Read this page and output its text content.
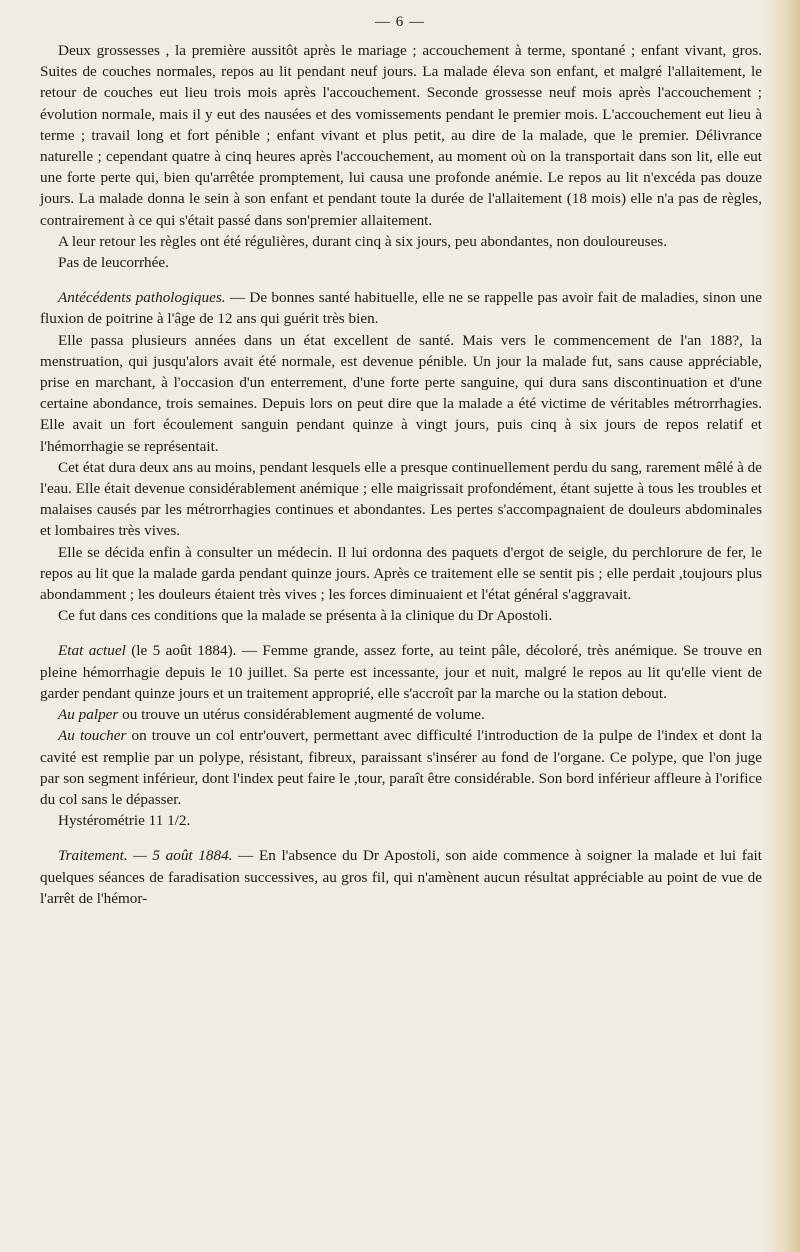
— 6 —

Deux grossesses , la première aussitôt après le mariage ; accouchement à terme, spontané ; enfant vivant, gros. Suites de couches normales, repos au lit pendant neuf jours. La malade éleva son enfant, et malgré l'allaitement, le retour de couches eut lieu trois mois après l'accouchement. Seconde grossesse neuf mois après l'accouchement ; évolution normale, mais il y eut des nausées et des vomissements pendant le premier mois. L'accouchement eut lieu à terme ; travail long et fort pénible ; enfant vivant et plus petit, au dire de la malade, que le premier. Délivrance naturelle ; cependant quatre à cinq heures après l'accouchement, au moment où on la transportait dans son lit, elle eut une forte perte qui, bien qu'arrêtée promptement, lui causa une profonde anémie. Le repos au lit n'excéda pas douze jours. La malade donna le sein à son enfant et pendant toute la durée de l'allaitement (18 mois) elle n'a pas de règles, contrairement à ce qui s'était passé dans son'premier allaitement.

A leur retour les règles ont été régulières, durant cinq à six jours, peu abondantes, non douloureuses.

Pas de leucorrhée.

Antécédents pathologiques. — De bonnes santé habituelle, elle ne se rappelle pas avoir fait de maladies, sinon une fluxion de poitrine à l'âge de 12 ans qui guérit très bien.

Elle passa plusieurs années dans un état excellent de santé. Mais vers le commencement de l'an 188?, la menstruation, qui jusqu'alors avait été normale, est devenue pénible. Un jour la malade fut, sans cause appréciable, prise en marchant, à l'occasion d'un enterrement, d'une forte perte sanguine, qui dura sans discontinuation et d'une certaine abondance, trois semaines. Depuis lors on peut dire que la malade a été victime de véritables métrorrhagies. Elle avait un fort écoulement sanguin pendant quinze à vingt jours, puis cinq à six jours de repos relatif et l'hémorrhagie se représentait.

Cet état dura deux ans au moins, pendant lesquels elle a presque continuellement perdu du sang, rarement mêlé à de l'eau. Elle était devenue considérablement anémique ; elle maigrissait profondément, étant sujette à tous les troubles et malaises causés par les métrorrhagies continues et abondantes. Les pertes s'accompagnaient de douleurs abdominales et lombaires très vives.

Elle se décida enfin à consulter un médecin. Il lui ordonna des paquets d'ergot de seigle, du perchlorure de fer, le repos au lit que la malade garda pendant quinze jours. Après ce traitement elle se sentit pis ; elle perdait ,toujours plus abondamment ; les douleurs étaient très vives ; les forces diminuaient et l'état général s'aggravait.

Ce fut dans ces conditions que la malade se présenta à la clinique du Dr Apostoli.

Etat actuel (le 5 août 1884). — Femme grande, assez forte, au teint pâle, décoloré, très anémique. Se trouve en pleine hémorrhagie depuis le 10 juillet. Sa perte est incessante, jour et nuit, malgré le repos au lit qu'elle vient de garder pendant quinze jours et un traitement approprié, elle s'accroît par la marche ou la station debout.

Au palper ou trouve un utérus considérablement augmenté de volume.

Au toucher on trouve un col entr'ouvert, permettant avec difficulté l'introduction de la pulpe de l'index et dont la cavité est remplie par un polype, résistant, fibreux, paraissant s'insérer au fond de l'organe. Ce polype, que l'on juge par son segment inférieur, dont l'index peut faire le ,tour, paraît être considérable. Son bord inférieur affleure à l'orifice du col sans le dépasser.

Hystérométrie 11 1/2.

Traitement. — 5 août 1884. — En l'absence du Dr Apostoli, son aide commence à soigner la malade et lui fait quelques séances de faradisation successives, au gros fil, qui n'amènent aucun résultat appréciable au point de vue de l'arrêt de l'hémor-
